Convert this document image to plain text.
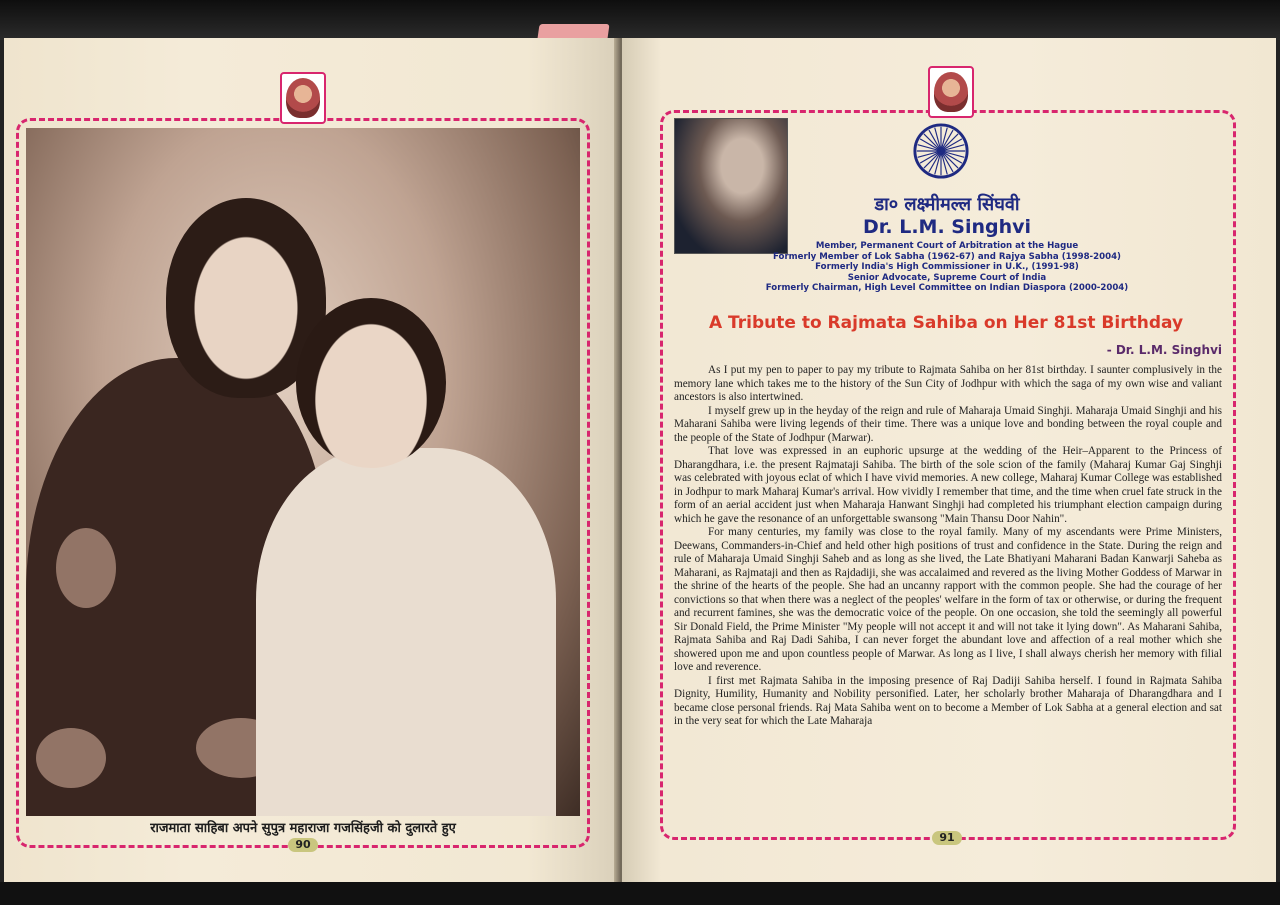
राजमाता साहिबा अपने सुपुत्र महाराजा गजसिंहजी को दुलारते हुए
90
डा० लक्ष्मीमल्ल सिंघवी
Dr. L.M. Singhvi
Member, Permanent Court of Arbitration at the Hague
Formerly Member of Lok Sabha (1962-67) and Rajya Sabha (1998-2004)
Formerly India's High Commissioner in U.K., (1991-98)
Senior Advocate, Supreme Court of India
Formerly Chairman, High Level Committee on Indian Diaspora (2000-2004)
A Tribute to Rajmata Sahiba on Her 81st Birthday
- Dr. L.M. Singhvi

As I put my pen to paper to pay my tribute to Rajmata Sahiba on her 81st birthday. I saunter complusively in the memory lane which takes me to the history of the Sun City of Jodhpur with which the saga of my own wise and valiant ancestors is also intertwined.

I myself grew up in the heyday of the reign and rule of Maharaja Umaid Singhji. Maharaja Umaid Singhji and his Maharani Sahiba were living legends of their time. There was a unique love and bonding between the royal couple and the people of the State of Jodhpur (Marwar).

That love was expressed in an euphoric upsurge at the wedding of the Heir–Apparent to the Princess of Dharangdhara, i.e. the present Rajmataji Sahiba. The birth of the sole scion of the family (Maharaj Kumar Gaj Singhji was celebrated with joyous eclat of which I have vivid memories. A new college, Maharaj Kumar College was established in Jodhpur to mark Maharaj Kumar's arrival. How vividly I remember that time, and the time when cruel fate struck in the form of an aerial accident just when Maharaja Hanwant Singhji had completed his triumphant election campaign during which he gave the resonance of an unforgettable swansong "Main Thansu Door Nahin".

For many centuries, my family was close to the royal family. Many of my ascendants were Prime Ministers, Deewans, Commanders-in-Chief and held other high positions of trust and confidence in the State. During the reign and rule of Maharaja Umaid Singhji Saheb and as long as she lived, the Late Bhatiyani Maharani Badan Kanwarji Saheba as Maharani, as Rajmataji and then as Rajdadiji, she was accalaimed and revered as the living Mother Goddess of Marwar in the shrine of the hearts of the people. She had an uncanny rapport with the common people. She had the courage of her convictions so that when there was a neglect of the peoples' welfare in the form of tax or otherwise, or during the frequent and recurrent famines, she was the democratic voice of the people. On one occasion, she told the seemingly all powerful Sir Donald Field, the Prime Minister "My people will not accept it and will not take it lying down". As Maharani Sahiba, Rajmata Sahiba and Raj Dadi Sahiba, I can never forget the abundant love and affection of a real mother which she showered upon me and upon countless people of Marwar. As long as I live, I shall always cherish her memory with filial love and reverence.

I first met Rajmata Sahiba in the imposing presence of Raj Dadiji Sahiba herself. I found in Rajmata Sahiba Dignity, Humility, Humanity and Nobility personified. Later, her scholarly brother Maharaja of Dharangdhara and I became close personal friends. Raj Mata Sahiba went on to become a Member of Lok Sabha at a general election and sat in the very seat for which the Late Maharaja

91
